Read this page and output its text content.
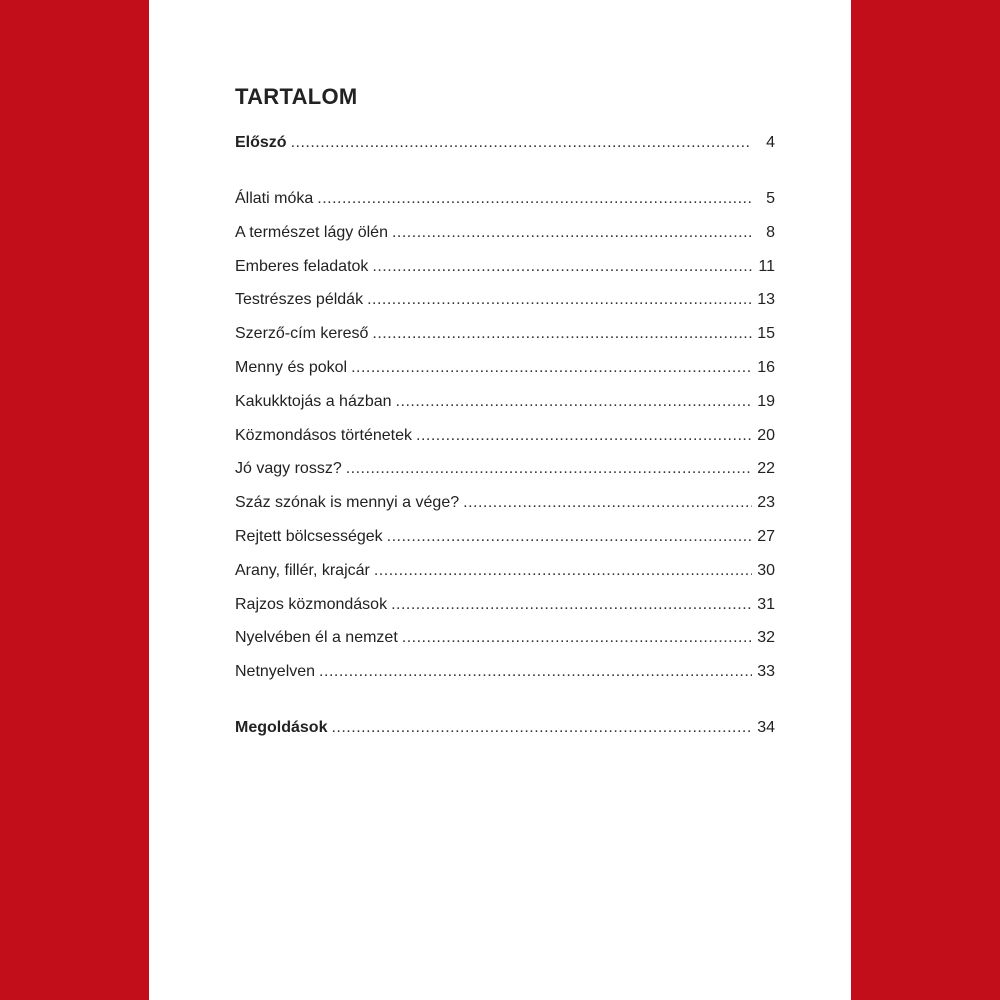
TARTALOM
Előszó .....	4
Állati móka .....	5
A természet lágy ölén .....	8
Emberes feladatok .....	11
Testrészes példák .....	13
Szerző-cím kereső .....	15
Menny és pokol .....	16
Kakukktojás a házban .....	19
Közmondásos történetek .....	20
Jó vagy rossz? .....	22
Száz szónak is mennyi a vége? .....	23
Rejtett bölcsességek .....	27
Arany, fillér, krajcár .....	30
Rajzos közmondások .....	31
Nyelvében él a nemzet .....	32
Netnyelven .....	33
Megoldások .....	34
